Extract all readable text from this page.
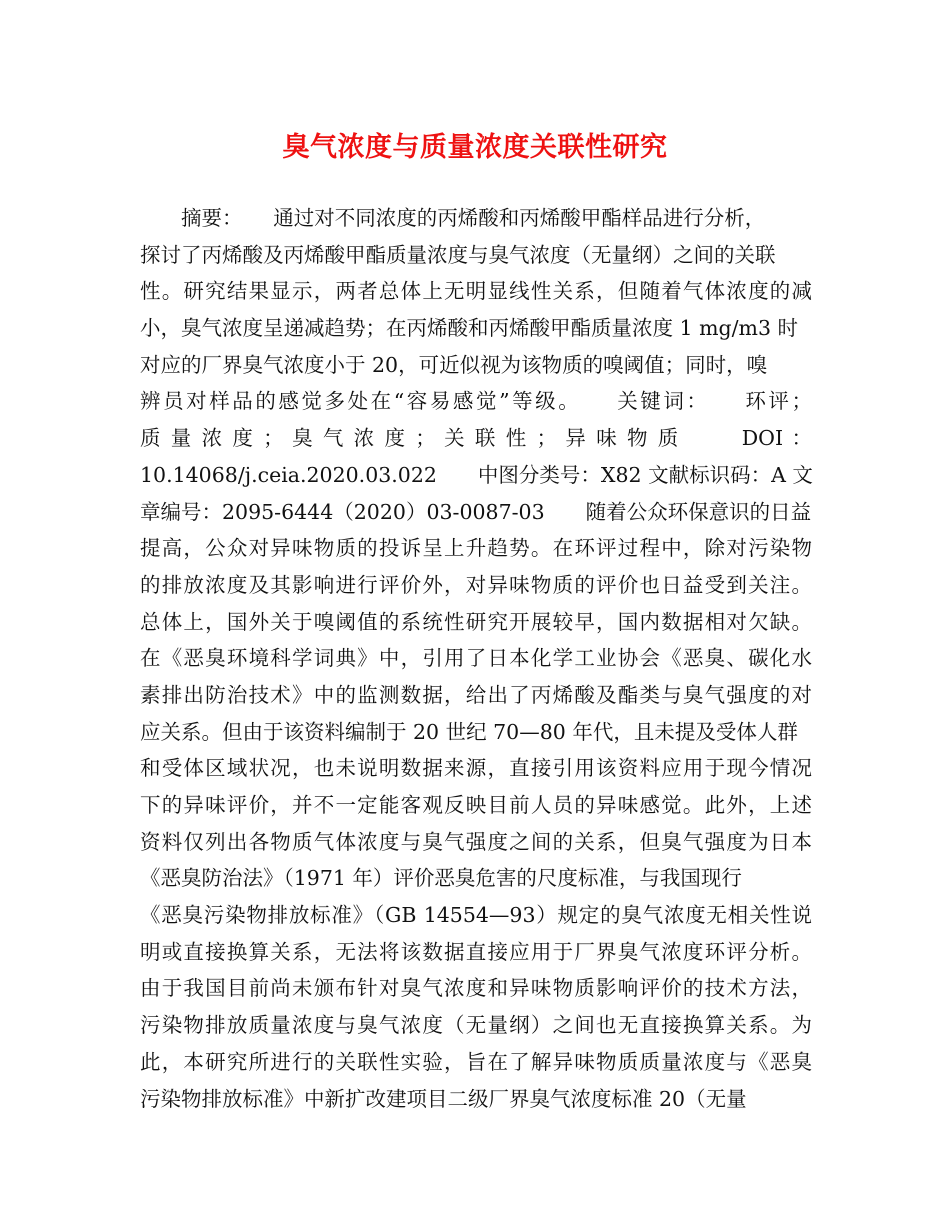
臭气浓度与质量浓度关联性研究
　　摘要：　　通过对不同浓度的丙烯酸和丙烯酸甲酯样品进行分析，
探讨了丙烯酸及丙烯酸甲酯质量浓度与臭气浓度（无量纲）之间的关联
性。研究结果显示，两者总体上无明显线性关系，但随着气体浓度的减
小，臭气浓度呈递减趋势；在丙烯酸和丙烯酸甲酯质量浓度 1 mg/m3 时
对应的厂界臭气浓度小于 20，可近似视为该物质的嗅阈值；同时，嗅
辨员对样品的感觉多处在“容易感觉”等级。　　关键词：　　环评；
质 量 浓 度 ； 臭 气 浓 度 ； 关 联 性 ； 异 味 物 质 　　 DOI ：
10.14068/j.ceia.2020.03.022　　中图分类号：X82 文献标识码：A 文
章编号：2095-6444（2020）03-0087-03　　随着公众环保意识的日益
提高，公众对异味物质的投诉呈上升趋势。在环评过程中，除对污染物
的排放浓度及其影响进行评价外，对异味物质的评价也日益受到关注。
总体上，国外关于嗅阈值的系统性研究开展较早，国内数据相对欠缺。
在《恶臭环境科学词典》中，引用了日本化学工业协会《恶臭、碳化水
素排出防治技术》中的监测数据，给出了丙烯酸及酯类与臭气强度的对
应关系。但由于该资料编制于 20 世纪 70—80 年代，且未提及受体人群
和受体区域状况，也未说明数据来源，直接引用该资料应用于现今情况
下的异味评价，并不一定能客观反映目前人员的异味感觉。此外，上述
资料仅列出各物质气体浓度与臭气强度之间的关系，但臭气强度为日本
《恶臭防治法》（1971 年）评价恶臭危害的尺度标准，与我国现行
《恶臭污染物排放标准》（GB 14554—93）规定的臭气浓度无相关性说
明或直接换算关系，无法将该数据直接应用于厂界臭气浓度环评分析。
由于我国目前尚未颁布针对臭气浓度和异味物质影响评价的技术方法，
污染物排放质量浓度与臭气浓度（无量纲）之间也无直接换算关系。为
此，本研究所进行的关联性实验，旨在了解异味物质质量浓度与《恶臭
污染物排放标准》中新扩改建项目二级厂界臭气浓度标准 20（无量
